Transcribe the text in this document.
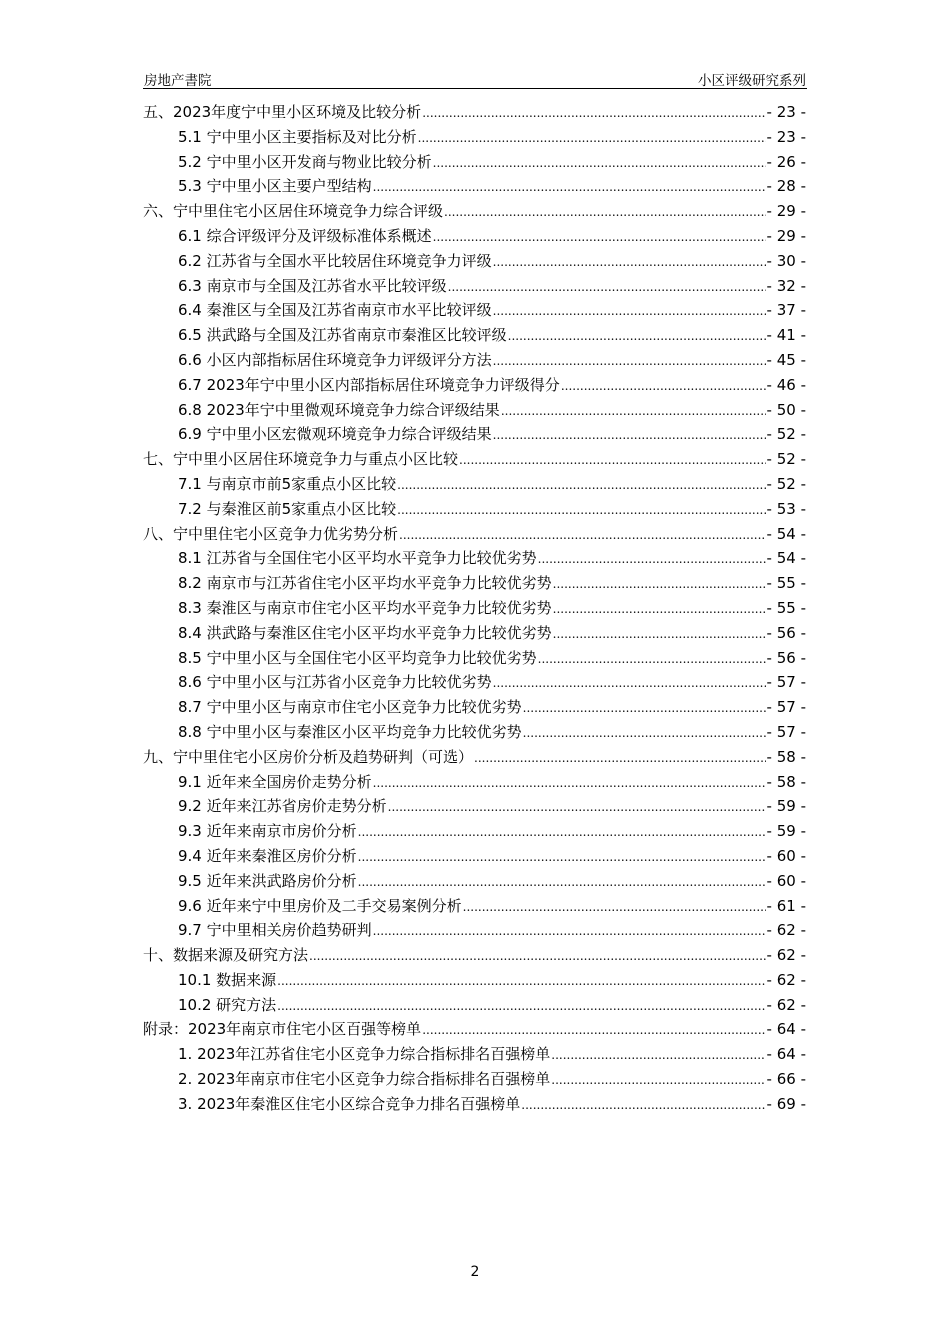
房地产書院	小区评级研究系列
五、2023年度宁中里小区环境及比较分析 .....	- 23 -
5.1 宁中里小区主要指标及对比分析 .....	- 23 -
5.2 宁中里小区开发商与物业比较分析 .....	- 26 -
5.3 宁中里小区主要户型结构 .....	- 28 -
六、宁中里住宅小区居住环境竞争力综合评级 .....	- 29 -
6.1 综合评级评分及评级标准体系概述 .....	- 29 -
6.2 江苏省与全国水平比较居住环境竞争力评级 .....	- 30 -
6.3 南京市与全国及江苏省水平比较评级 .....	- 32 -
6.4 秦淮区与全国及江苏省南京市水平比较评级 .....	- 37 -
6.5 洪武路与全国及江苏省南京市秦淮区比较评级 .....	- 41 -
6.6 小区内部指标居住环境竞争力评级评分方法 .....	- 45 -
6.7 2023年宁中里小区内部指标居住环境竞争力评级得分 .....	- 46 -
6.8 2023年宁中里微观环境竞争力综合评级结果 .....	- 50 -
6.9 宁中里小区宏微观环境竞争力综合评级结果 .....	- 52 -
七、宁中里小区居住环境竞争力与重点小区比较 .....	- 52 -
7.1 与南京市前5家重点小区比较 .....	- 52 -
7.2 与秦淮区前5家重点小区比较 .....	- 53 -
八、宁中里住宅小区竞争力优劣势分析 .....	- 54 -
8.1 江苏省与全国住宅小区平均水平竞争力比较优劣势 .....	- 54 -
8.2 南京市与江苏省住宅小区平均水平竞争力比较优劣势 .....	- 55 -
8.3 秦淮区与南京市住宅小区平均水平竞争力比较优劣势 .....	- 55 -
8.4 洪武路与秦淮区住宅小区平均水平竞争力比较优劣势 .....	- 56 -
8.5 宁中里小区与全国住宅小区平均竞争力比较优劣势 .....	- 56 -
8.6 宁中里小区与江苏省小区竞争力比较优劣势 .....	- 57 -
8.7 宁中里小区与南京市住宅小区竞争力比较优劣势 .....	- 57 -
8.8 宁中里小区与秦淮区小区平均竞争力比较优劣势 .....	- 57 -
九、宁中里住宅小区房价分析及趋势研判（可选） .....	- 58 -
9.1 近年来全国房价走势分析 .....	- 58 -
9.2 近年来江苏省房价走势分析 .....	- 59 -
9.3 近年来南京市房价分析 .....	- 59 -
9.4 近年来秦淮区房价分析 .....	- 60 -
9.5 近年来洪武路房价分析 .....	- 60 -
9.6 近年来宁中里房价及二手交易案例分析 .....	- 61 -
9.7 宁中里相关房价趋势研判 .....	- 62 -
十、数据来源及研究方法 .....	- 62 -
10.1 数据来源 .....	- 62 -
10.2 研究方法 .....	- 62 -
附录：2023年南京市住宅小区百强等榜单 .....	- 64 -
1. 2023年江苏省住宅小区竞争力综合指标排名百强榜单 .....	- 64 -
2. 2023年南京市住宅小区竞争力综合指标排名百强榜单 .....	- 66 -
3. 2023年秦淮区住宅小区综合竞争力排名百强榜单 .....	- 69 -
2
